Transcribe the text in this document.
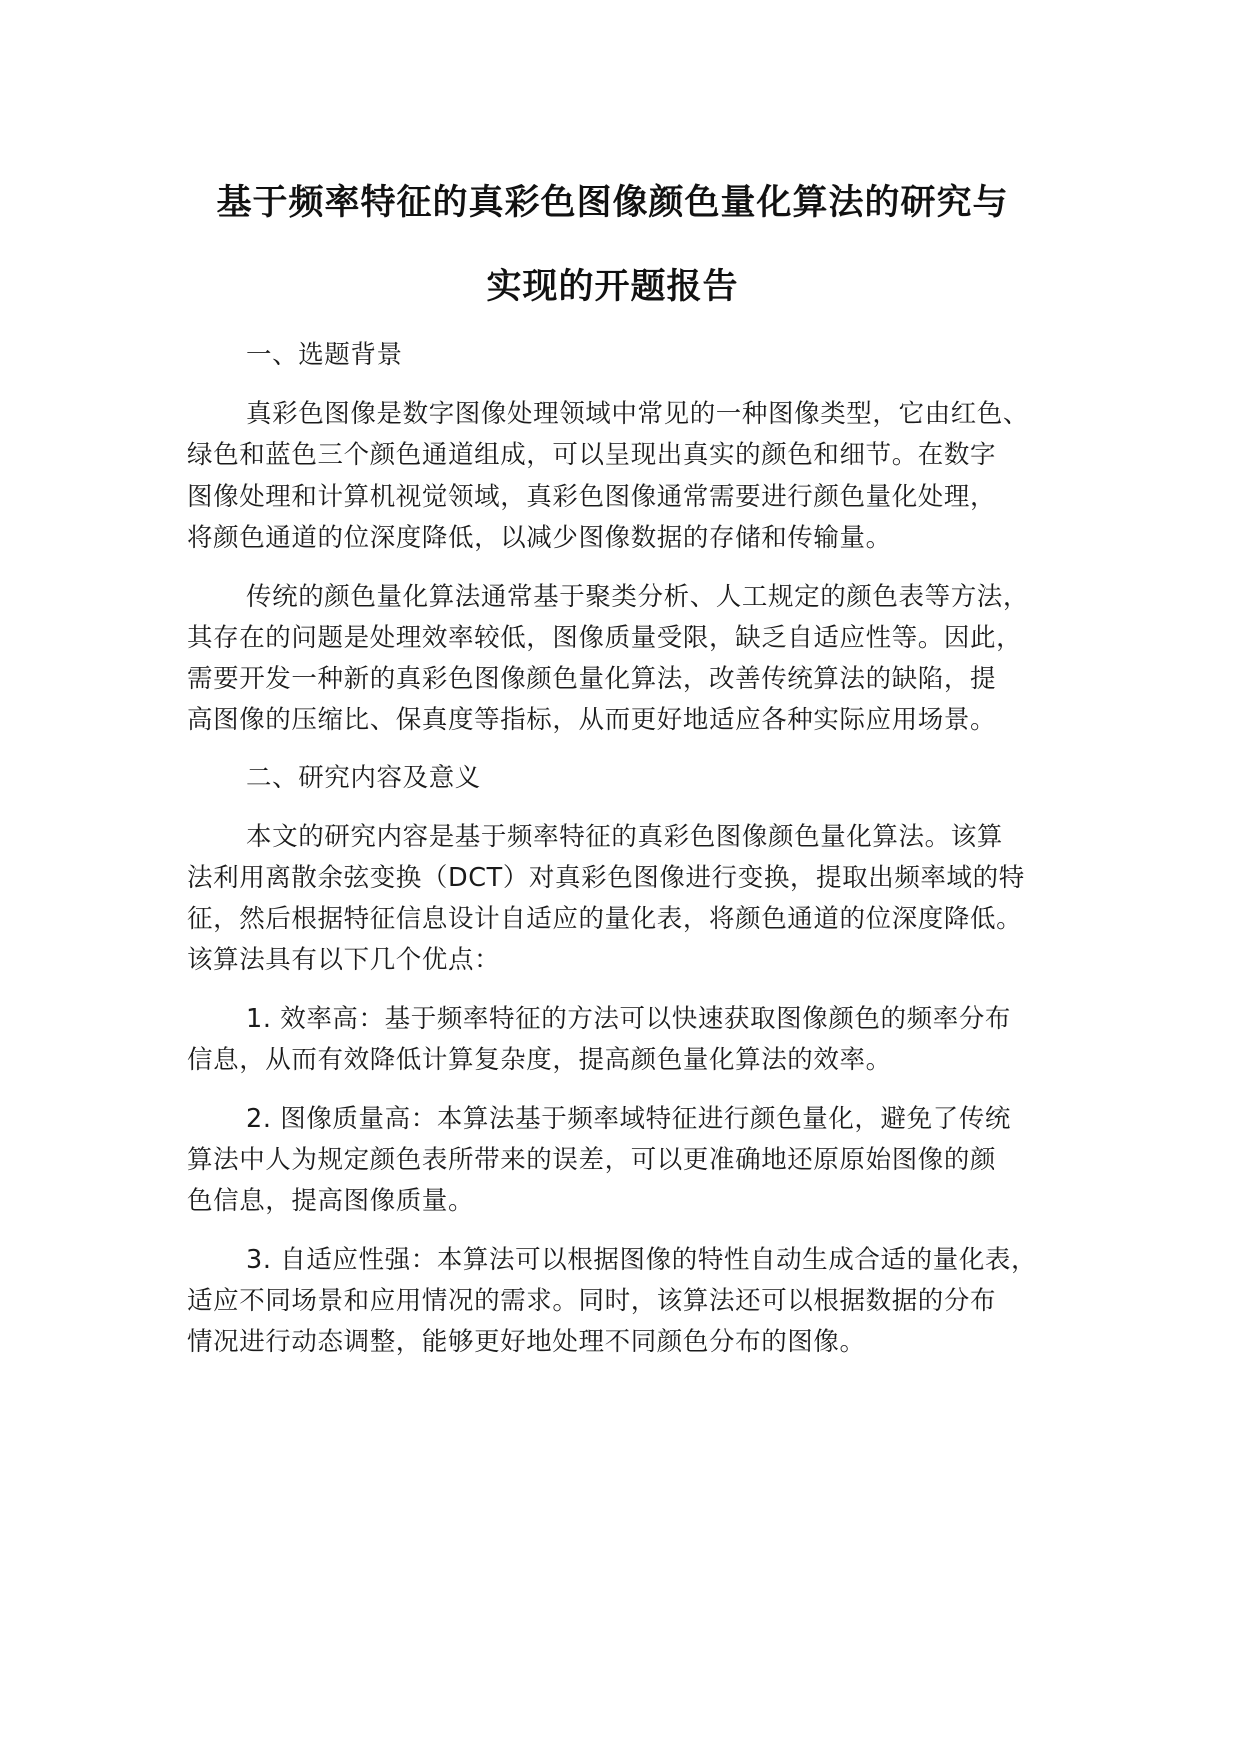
基于频率特征的真彩色图像颜色量化算法的研究与
实现的开题报告
一、选题背景
真彩色图像是数字图像处理领域中常见的一种图像类型，它由红色、
绿色和蓝色三个颜色通道组成，可以呈现出真实的颜色和细节。在数字
图像处理和计算机视觉领域，真彩色图像通常需要进行颜色量化处理，
将颜色通道的位深度降低，以减少图像数据的存储和传输量。
传统的颜色量化算法通常基于聚类分析、人工规定的颜色表等方法，
其存在的问题是处理效率较低，图像质量受限，缺乏自适应性等。因此，
需要开发一种新的真彩色图像颜色量化算法，改善传统算法的缺陷，提
高图像的压缩比、保真度等指标，从而更好地适应各种实际应用场景。
二、研究内容及意义
本文的研究内容是基于频率特征的真彩色图像颜色量化算法。该算
法利用离散余弦变换（DCT）对真彩色图像进行变换，提取出频率域的特
征，然后根据特征信息设计自适应的量化表，将颜色通道的位深度降低。
该算法具有以下几个优点：
1. 效率高：基于频率特征的方法可以快速获取图像颜色的频率分布
信息，从而有效降低计算复杂度，提高颜色量化算法的效率。
2. 图像质量高：本算法基于频率域特征进行颜色量化，避免了传统
算法中人为规定颜色表所带来的误差，可以更准确地还原原始图像的颜
色信息，提高图像质量。
3. 自适应性强：本算法可以根据图像的特性自动生成合适的量化表，
适应不同场景和应用情况的需求。同时，该算法还可以根据数据的分布
情况进行动态调整，能够更好地处理不同颜色分布的图像。
